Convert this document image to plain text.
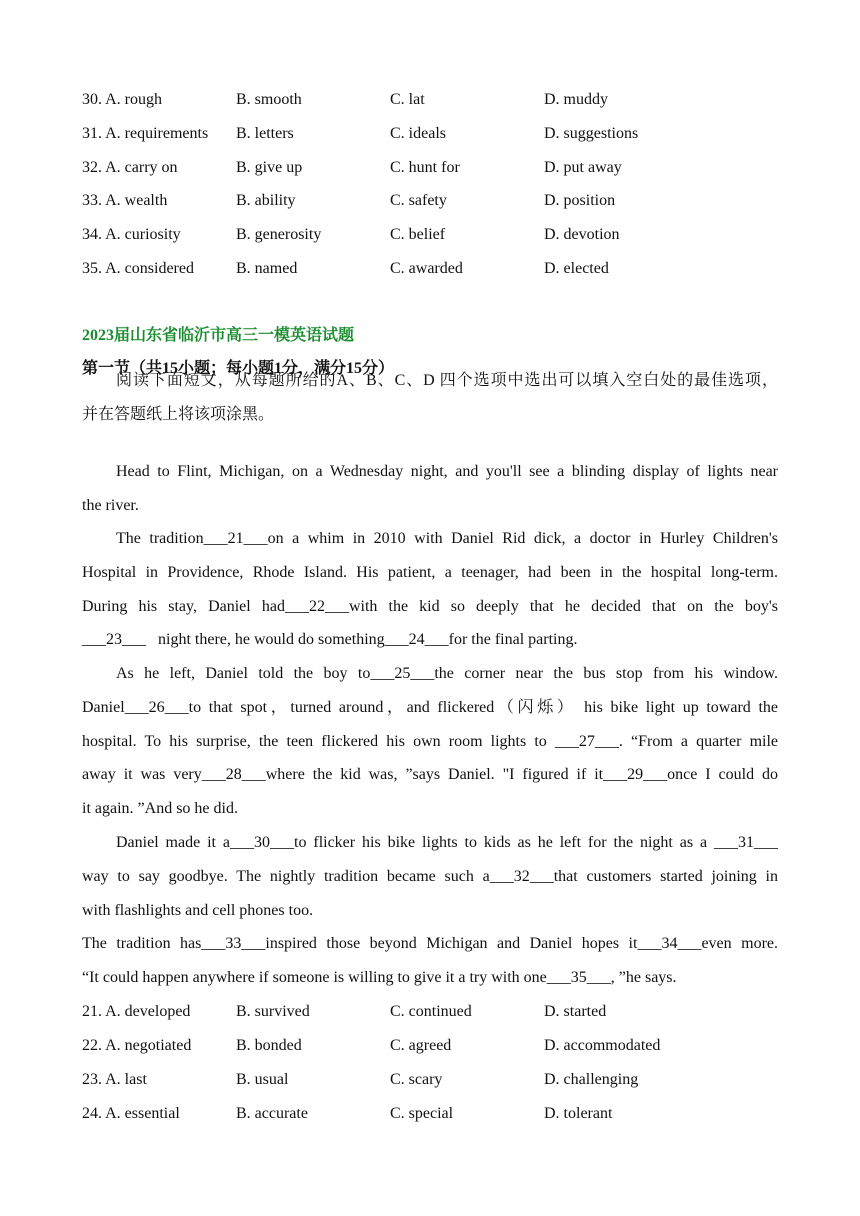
30. A. rough	B. smooth	C. lat	D. muddy
31. A. requirements B. letters	C. ideals	D. suggestions
32. A. carry on	B. give up	C. hunt for	D. put away
33. A. wealth	B. ability	C. safety	D. position
34. A. curiosity	B. generosity	C. belief	D. devotion
35. A. considered	B. named	C. awarded	D. elected
2023届山东省临沂市高三一模英语试题
第一节（共15小题；每小题1分，满分15分）
阅读下面短文，从每题所给的A、B、C、D 四个选项中选出可以填入空白处的最佳选项，
并在答题纸上将该项涂黑。
Head to Flint, Michigan, on a Wednesday night, and you'll see a blinding display of lights near
the river.
The tradition___21___on a whim in 2010 with Daniel Rid dick, a doctor in Hurley Children's
Hospital in Providence, Rhode Island. His patient, a teenager, had been in the hospital long-term.
During his stay, Daniel had___22___with the kid so deeply that he decided that on the boy's
___23___   night there, he would do something___24___for the final parting.
As he left, Daniel told the boy to___25___the corner near the bus stop from his window.
Daniel___26___to that spot，turned around，and flickered（闪烁） his bike light up toward the
hospital. To his surprise, the teen flickered his own room lights to ___27___. “From a quarter mile
away it was very___28___where the kid was, ”says Daniel. "I figured if it___29___once I could do
it again. ”And so he did.
Daniel made it a___30___to flicker his bike lights to kids as he left for the night as a ___31___
way to say goodbye. The nightly tradition became such a___32___that customers started joining in
with flashlights and cell phones too.
The tradition has___33___inspired those beyond Michigan and Daniel hopes it___34___even more.
“It could happen anywhere if someone is willing to give it a try with one___35___, ”he says.
21. A. developed	B. survived	C. continued	D. started
22. A. negotiated	B. bonded	C. agreed	D. accommodated
23. A. last	B. usual	C. scary	D. challenging
24. A. essential	B. accurate	C. special	D. tolerant
